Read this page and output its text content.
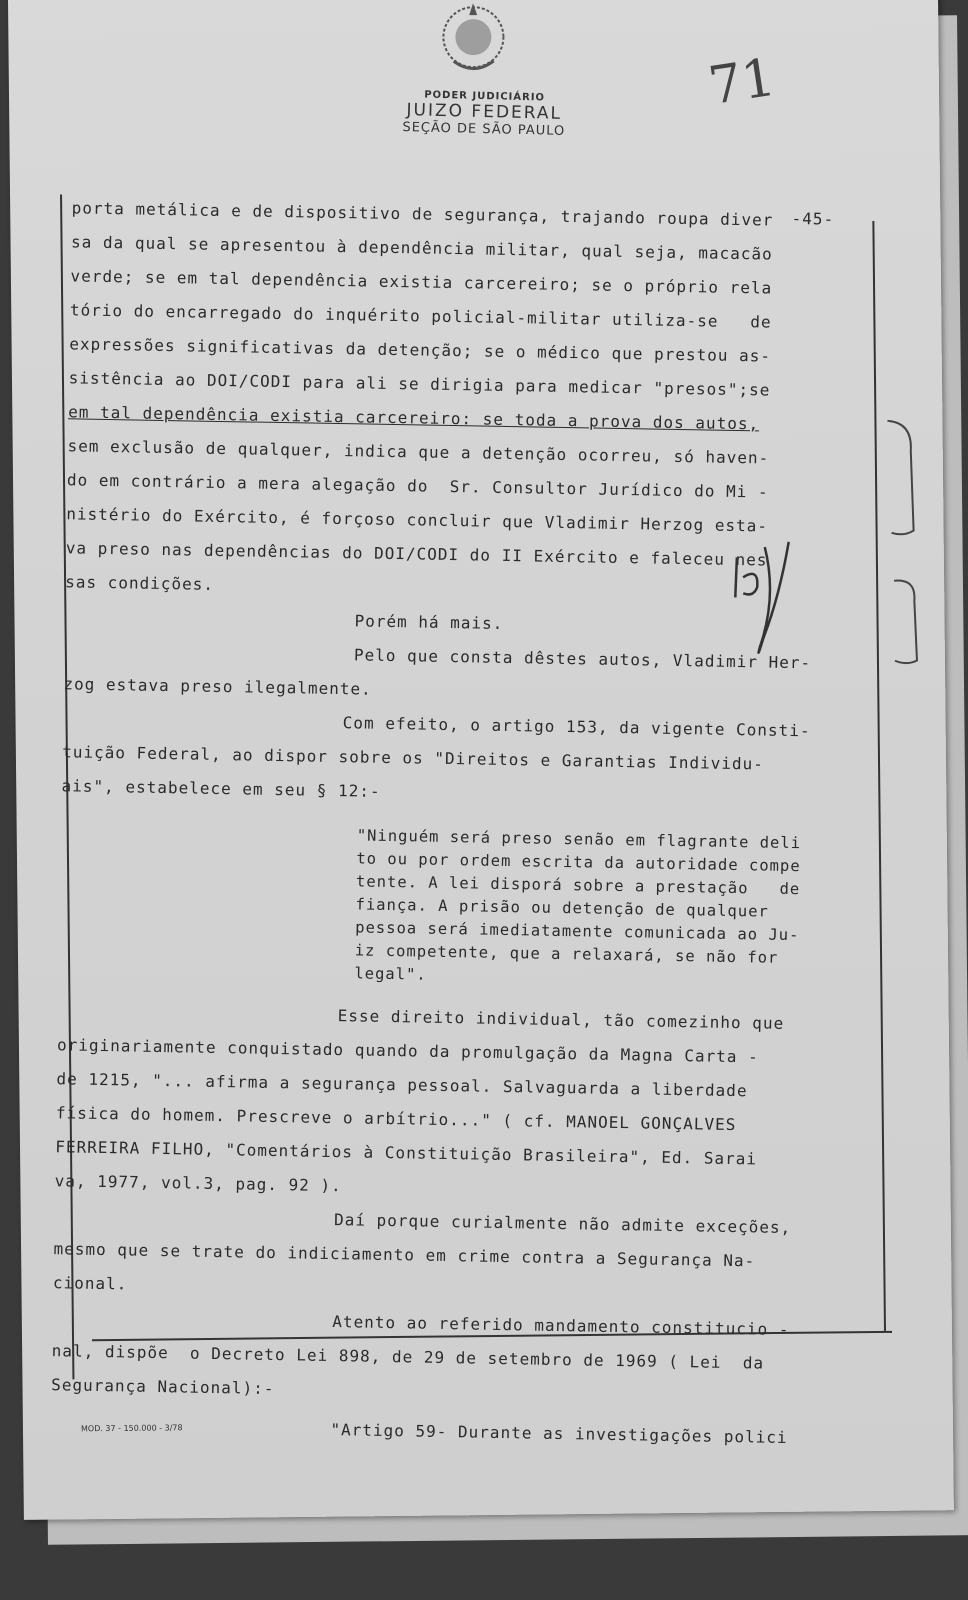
PODER JUDICIÁRIO
JUIZO FEDERAL
SEÇÃO DE SÃO PAULO
71
-45-
porta metálica e de dispositivo de segurança, trajando roupa diver
sa da qual se apresentou à dependência militar, qual seja, macacão
verde; se em tal dependência existia carcereiro; se o próprio rela
tório do encarregado do inquérito policial-militar utiliza-se   de
expressões significativas da detenção; se o médico que prestou as-
sistência ao DOI/CODI para ali se dirigia para medicar "presos";se
em tal dependência existia carcereiro: se toda a prova dos autos,
sem exclusão de qualquer, indica que a detenção ocorreu, só haven-
do em contrário a mera alegação do  Sr. Consultor Jurídico do Mi -
nistério do Exército, é forçoso concluir que Vladimir Herzog esta-
va preso nas dependências do DOI/CODI do II Exército e faleceu nes
sas condições.
Porém há mais.
Pelo que consta dêstes autos, Vladimir Her-
zog estava preso ilegalmente.
Com efeito, o artigo 153, da vigente Consti-
tuição Federal, ao dispor sobre os "Direitos e Garantias Individu-
ais", estabelece em seu § 12:-
"Ninguém será preso senão em flagrante deli
to ou por ordem escrita da autoridade compe
tente. A lei disporá sobre a prestação   de
fiança. A prisão ou detenção de qualquer
pessoa será imediatamente comunicada ao Ju-
iz competente, que a relaxará, se não for
legal".
Esse direito individual, tão comezinho que
originariamente conquistado quando da promulgação da Magna Carta -
de 1215, "... afirma a segurança pessoal. Salvaguarda a liberdade
física do homem. Prescreve o arbítrio..." ( cf. MANOEL GONÇALVES
FERREIRA FILHO, "Comentários à Constituição Brasileira", Ed. Sarai
va, 1977, vol.3, pag. 92 ).
Daí porque curialmente não admite exceções,
mesmo que se trate do indiciamento em crime contra a Segurança Na-
cional.
Atento ao referido mandamento constitucio -
nal, dispõe  o Decreto Lei 898, de 29 de setembro de 1969 ( Lei  da
Segurança Nacional):-
"Artigo 59- Durante as investigações polici
MOD. 37 - 150.000 - 3/78
